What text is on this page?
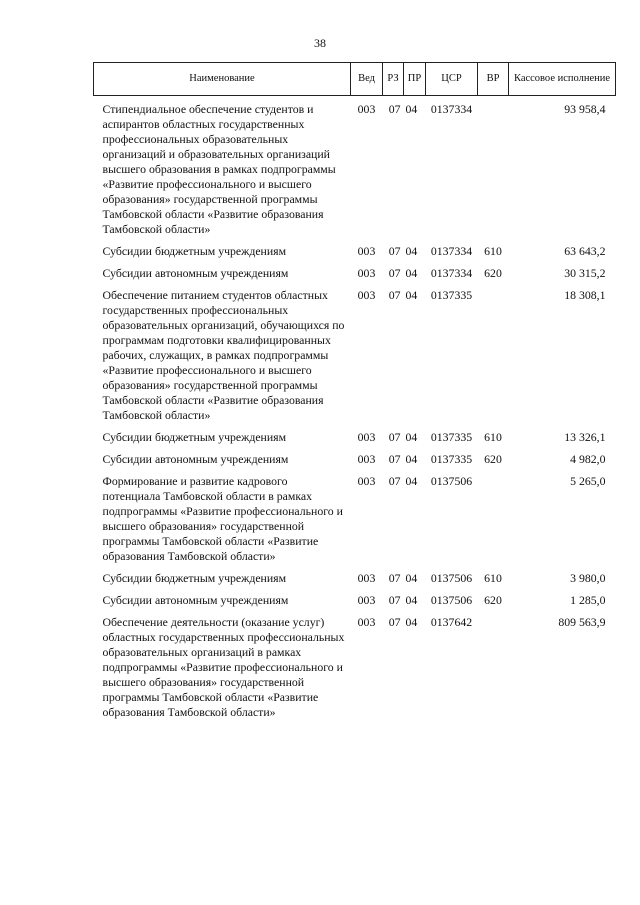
38
Наименование	Вед	РЗ	ПР	ЦСР	ВР	Кассовое исполнение
Стипендиальное обеспечение студентов и аспирантов областных государственных профессиональных образовательных организаций и образовательных организаций высшего образования в рамках подпрограммы «Развитие профессионального и высшего образования» государственной программы Тамбовской области «Развитие образования Тамбовской области»	003	07	04	0137334		93 958,4
Субсидии бюджетным учреждениям	003	07	04	0137334	610	63 643,2
Субсидии автономным учреждениям	003	07	04	0137334	620	30 315,2
Обеспечение питанием студентов областных государственных профессиональных образовательных организаций, обучающихся по программам подготовки квалифицированных рабочих, служащих, в рамках подпрограммы «Развитие профессионального и высшего образования» государственной программы Тамбовской области «Развитие образования Тамбовской области»	003	07	04	0137335		18 308,1
Субсидии бюджетным учреждениям	003	07	04	0137335	610	13 326,1
Субсидии автономным учреждениям	003	07	04	0137335	620	4 982,0
Формирование и развитие кадрового потенциала Тамбовской области в рамках подпрограммы «Развитие профессионального и высшего образования» государственной программы Тамбовской области «Развитие образования Тамбовской области»	003	07	04	0137506		5 265,0
Субсидии бюджетным учреждениям	003	07	04	0137506	610	3 980,0
Субсидии автономным учреждениям	003	07	04	0137506	620	1 285,0
Обеспечение деятельности (оказание услуг) областных государственных профессиональных образовательных организаций в рамках подпрограммы «Развитие профессионального и высшего образования» государственной программы Тамбовской области «Развитие образования Тамбовской области»	003	07	04	0137642		809 563,9
